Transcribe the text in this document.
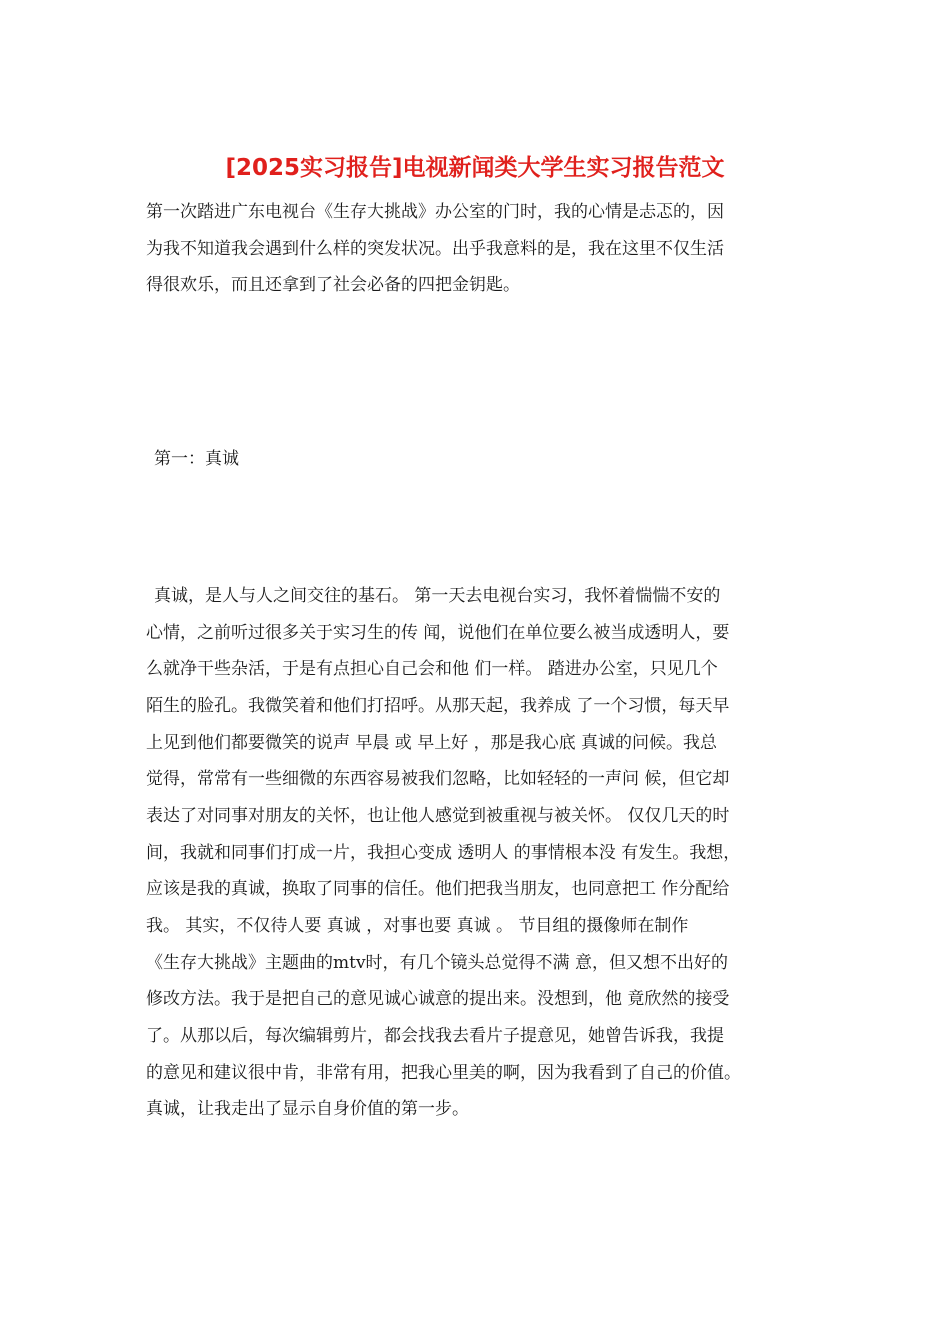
[2025实习报告]电视新闻类大学生实习报告范文

第一次踏进广东电视台《生存大挑战》办公室的门时，我的心情是忐忑的，因

为我不知道我会遇到什么样的突发状况。出乎我意料的是，我在这里不仅生活

得很欢乐，而且还拿到了社会必备的四把金钥匙。

第一：真诚

真诚，是人与人之间交往的基石。 第一天去电视台实习，我怀着惴惴不安的

心情，之前听过很多关于实习生的传 闻，说他们在单位要么被当成透明人，要

么就净干些杂活，于是有点担心自己会和他 们一样。 踏进办公室，只见几个

陌生的脸孔。我微笑着和他们打招呼。从那天起，我养成 了一个习惯，每天早

上见到他们都要微笑的说声 早晨 或 早上好 ，那是我心底 真诚的问候。我总

觉得，常常有一些细微的东西容易被我们忽略，比如轻轻的一声问 候，但它却

表达了对同事对朋友的关怀，也让他人感觉到被重视与被关怀。 仅仅几天的时

间，我就和同事们打成一片，我担心变成 透明人 的事情根本没 有发生。我想，

应该是我的真诚，换取了同事的信任。他们把我当朋友，也同意把工 作分配给

我。 其实，不仅待人要 真诚 ，对事也要 真诚 。 节目组的摄像师在制作

《生存大挑战》主题曲的mtv时，有几个镜头总觉得不满 意，但又想不出好的

修改方法。我于是把自己的意见诚心诚意的提出来。没想到，他 竟欣然的接受

了。从那以后，每次编辑剪片，都会找我去看片子提意见，她曾告诉我，我提

的意见和建议很中肯，非常有用，把我心里美的啊，因为我看到了自己的价值。

真诚，让我走出了显示自身价值的第一步。
